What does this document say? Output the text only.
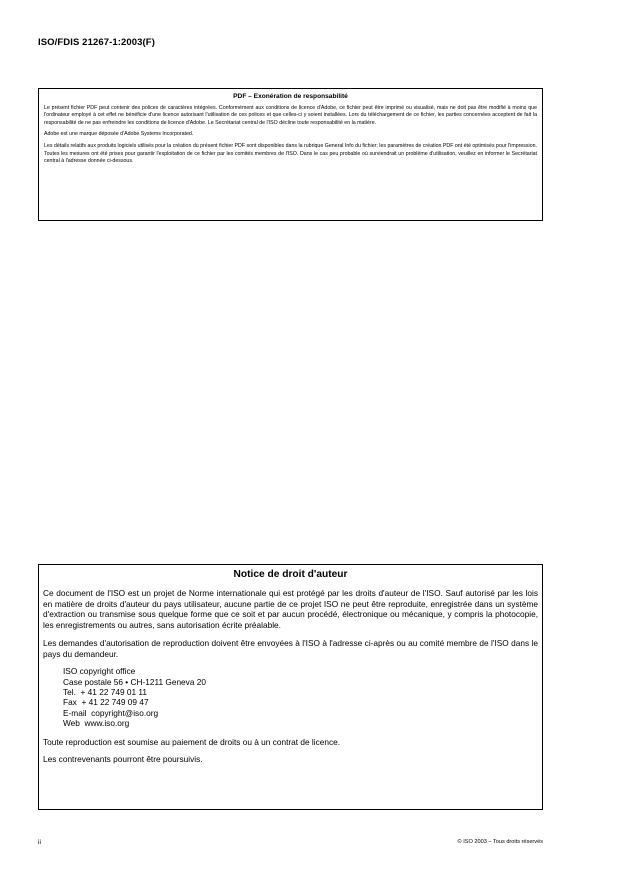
ISO/FDIS 21267-1:2003(F)
PDF – Exonération de responsabilité

Le présent fichier PDF peut contenir des polices de caractères intégrées. Conformément aux conditions de licence d'Adobe, ce fichier peut être imprimé ou visualisé, mais ne doit pas être modifié à moins que l'ordinateur employé à cet effet ne bénéficie d'une licence autorisant l'utilisation de ces polices et que celles-ci y soient installées. Lors du téléchargement de ce fichier, les parties concernées acceptent de fait la responsabilité de ne pas enfreindre les conditions de licence d'Adobe. Le Secrétariat central de l'ISO décline toute responsabilité en la matière.

Adobe est une marque déposée d'Adobe Systems Incorporated.

Les détails relatifs aux produits logiciels utilisés pour la création du présent fichier PDF sont disponibles dans la rubrique General Info du fichier; les paramètres de création PDF ont été optimisés pour l'impression. Toutes les mesures ont été prises pour garantir l'exploitation de ce fichier par les comités membres de l'ISO. Dans le cas peu probable où surviendrait un problème d'utilisation, veuillez en informer le Secrétariat central à l'adresse donnée ci-dessous.

Notice de droit d'auteur

Ce document de l'ISO est un projet de Norme internationale qui est protégé par les droits d'auteur de l'ISO. Sauf autorisé par les lois en matière de droits d'auteur du pays utilisateur, aucune partie de ce projet ISO ne peut être reproduite, enregistrée dans un système d'extraction ou transmise sous quelque forme que ce soit et par aucun procédé, électronique ou mécanique, y compris la photocopie, les enregistrements ou autres, sans autorisation écrite préalable.

Les demandes d'autorisation de reproduction doivent être envoyées à l'ISO à l'adresse ci-après ou au comité membre de l'ISO dans le pays du demandeur.

ISO copyright office
Case postale 56 • CH-1211 Geneva 20
Tel.  + 41 22 749 01 11
Fax  + 41 22 749 09 47
E-mail  copyright@iso.org
Web  www.iso.org

Toute reproduction est soumise au paiement de droits ou à un contrat de licence.

Les contrevenants pourront être poursuivis.

ii	© ISO 2003 – Tous droits réservés
